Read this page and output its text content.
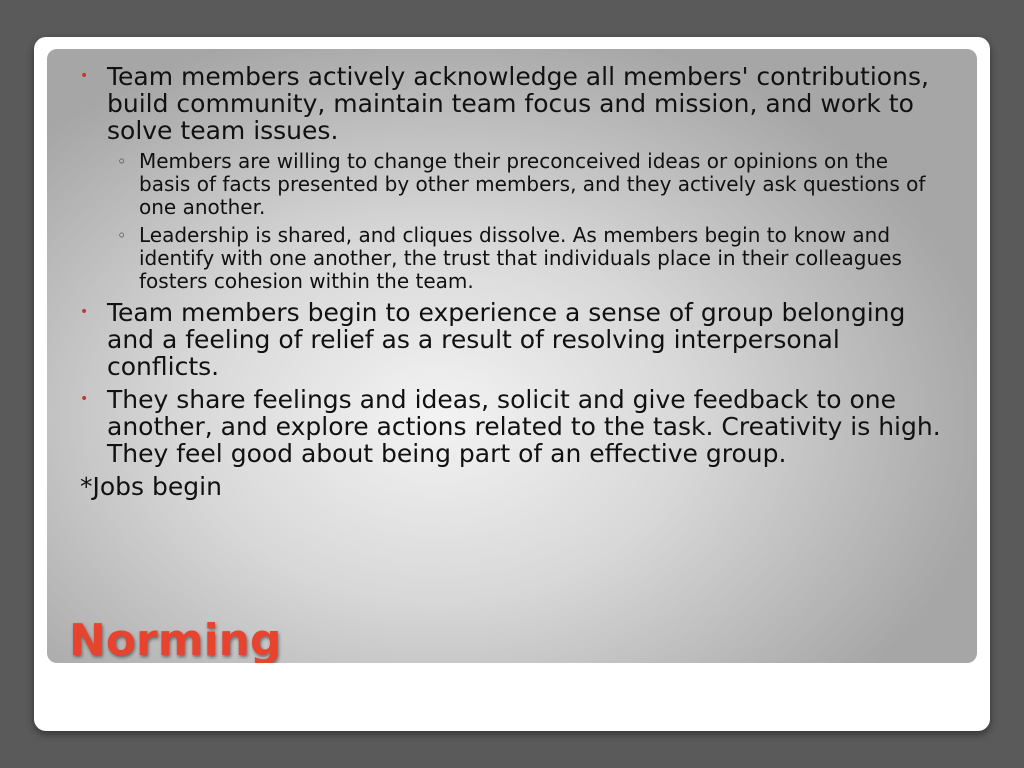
• Team members actively acknowledge all members' contributions, build community, maintain team focus and mission, and work to solve team issues.
◦ Members are willing to change their preconceived ideas or opinions on the basis of facts presented by other members, and they actively ask questions of one another.
◦ Leadership is shared, and cliques dissolve. As members begin to know and identify with one another, the trust that individuals place in their colleagues fosters cohesion within the team.
• Team members begin to experience a sense of group belonging and a feeling of relief as a result of resolving interpersonal conflicts.
• They share feelings and ideas, solicit and give feedback to one another, and explore actions related to the task. Creativity is high. They feel good about being part of an effective group.
*Jobs begin
Norming
